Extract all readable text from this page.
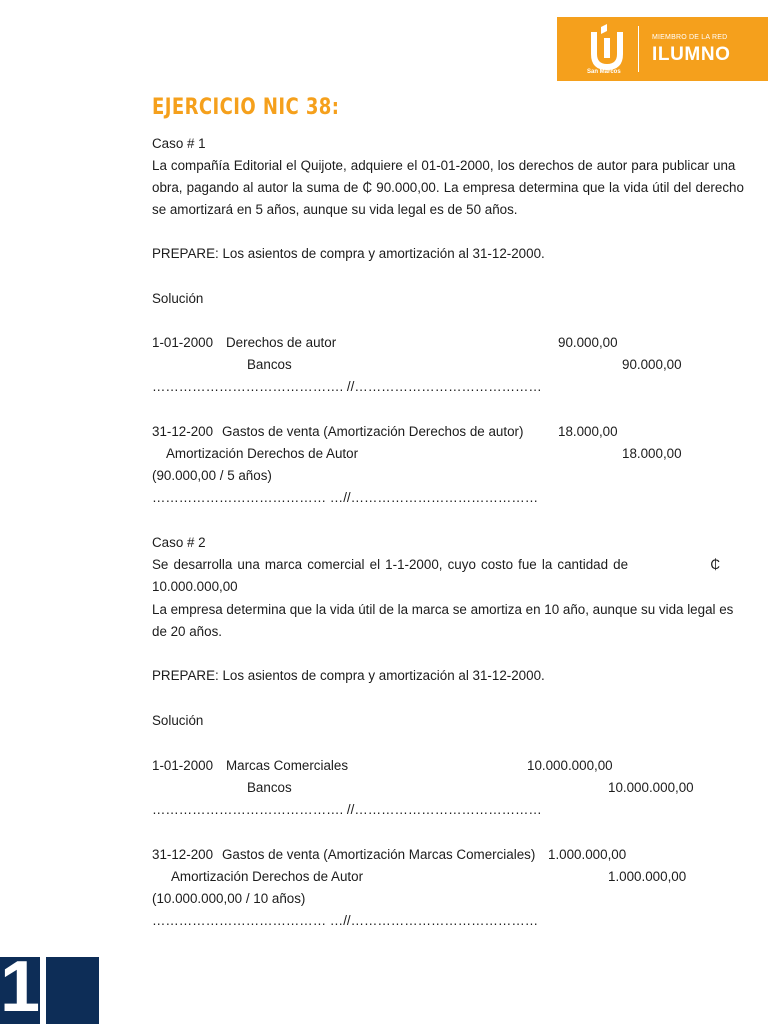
San Marcos
MIEMBRO DE LA RED
ILUMNO
EJERCICIO NIC 38:
Caso # 1
La compañía Editorial el Quijote, adquiere el 01-01-2000, los derechos de autor para publicar una
obra, pagando al autor la suma de ₵ 90.000,00. La empresa determina que la vida útil del derecho
se amortizará en 5 años, aunque su vida legal es de 50 años.
PREPARE: Los asientos de compra y amortización al 31-12-2000.
Solución
1-01-2000 Derechos de autor	90.000,00
Bancos	90.000,00
……………………………………. //……………………………………
31-12-200 Gastos de venta (Amortización Derechos de autor)	18.000,00
Amortización Derechos de Autor	18.000,00
(90.000,00 / 5 años)
………………………………… …//……………………………………
Caso # 2
Se desarrolla una marca comercial el 1-1-2000, cuyo costo fue la cantidad de	₵
10.000.000,00
La empresa determina que la vida útil de la marca se amortiza en 10 año, aunque su vida legal es
de 20 años.
PREPARE: Los asientos de compra y amortización al 31-12-2000.
Solución
1-01-2000 Marcas Comerciales	10.000.000,00
Bancos	10.000.000,00
……………………………………. //……………………………………
31-12-200 Gastos de venta (Amortización Marcas Comerciales) 1.000.000,00
Amortización Derechos de Autor	1.000.000,00
(10.000.000,00 / 10 años)
………………………………… …//……………………………………
1
